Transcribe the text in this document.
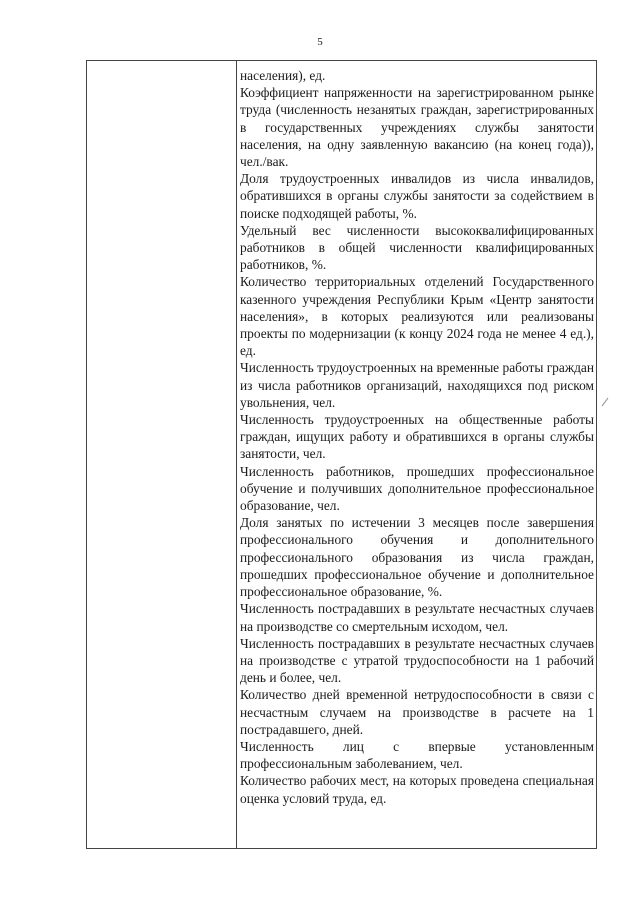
5

населения), ед.

Коэффициент напряженности на зарегистрированном рынке труда (численность незанятых граждан, зарегистрированных в государственных учреждениях службы занятости населения, на одну заявленную вакансию (на конец года)), чел./вак.

Доля трудоустроенных инвалидов из числа инвалидов, обратившихся в органы службы занятости за содействием в поиске подходящей работы, %.

Удельный вес численности высококвалифицированных работников в общей численности квалифицированных работников, %.

Количество территориальных отделений Государственного казенного учреждения Республики Крым «Центр занятости населения», в которых реализуются или реализованы проекты по модернизации (к концу 2024 года не менее 4 ед.), ед.

Численность трудоустроенных на временные работы граждан из числа работников организаций, находящихся под риском увольнения, чел.

Численность трудоустроенных на общественные работы граждан, ищущих работу и обратившихся в органы службы занятости, чел.

Численность работников, прошедших профессиональное обучение и получивших дополнительное профессиональное образование, чел.

Доля занятых по истечении 3 месяцев после завершения профессионального обучения и дополнительного профессионального образования из числа граждан, прошедших профессиональное обучение и дополнительное профессиональное образование, %.

Численность пострадавших в результате несчастных случаев на производстве со смертельным исходом, чел.

Численность пострадавших в результате несчастных случаев на производстве с утратой трудоспособности на 1 рабочий день и более, чел.

Количество дней временной нетрудоспособности в связи с несчастным случаем на производстве в расчете на 1 пострадавшего, дней.

Численность лиц с впервые установленным профессиональным заболеванием, чел.

Количество рабочих мест, на которых проведена специальная оценка условий труда, ед.
